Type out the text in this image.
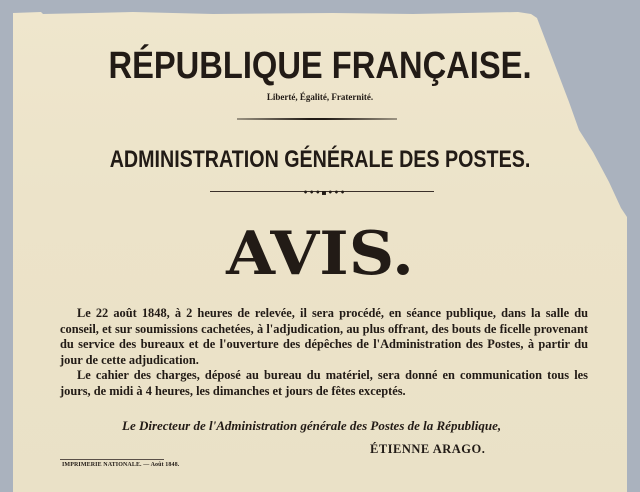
RÉPUBLIQUE FRANÇAISE.
Liberté, Égalité, Fraternité.
ADMINISTRATION GÉNÉRALE DES POSTES.
•••▪•••
AVIS.

Le 22 août 1848, à 2 heures de relevée, il sera procédé, en séance publique, dans la salle du conseil, et sur soumissions cachetées, à l'adjudication, au plus offrant, des bouts de ficelle provenant du service des bureaux et de l'ouverture des dépêches de l'Administration des Postes, à partir du jour de cette adjudication.

Le cahier des charges, déposé au bureau du matériel, sera donné en communication tous les jours, de midi à 4 heures, les dimanches et jours de fêtes exceptés.

Le Directeur de l'Administration générale des Postes de la République,
ÉTIENNE ARAGO.
IMPRIMERIE NATIONALE. — Août 1848.
